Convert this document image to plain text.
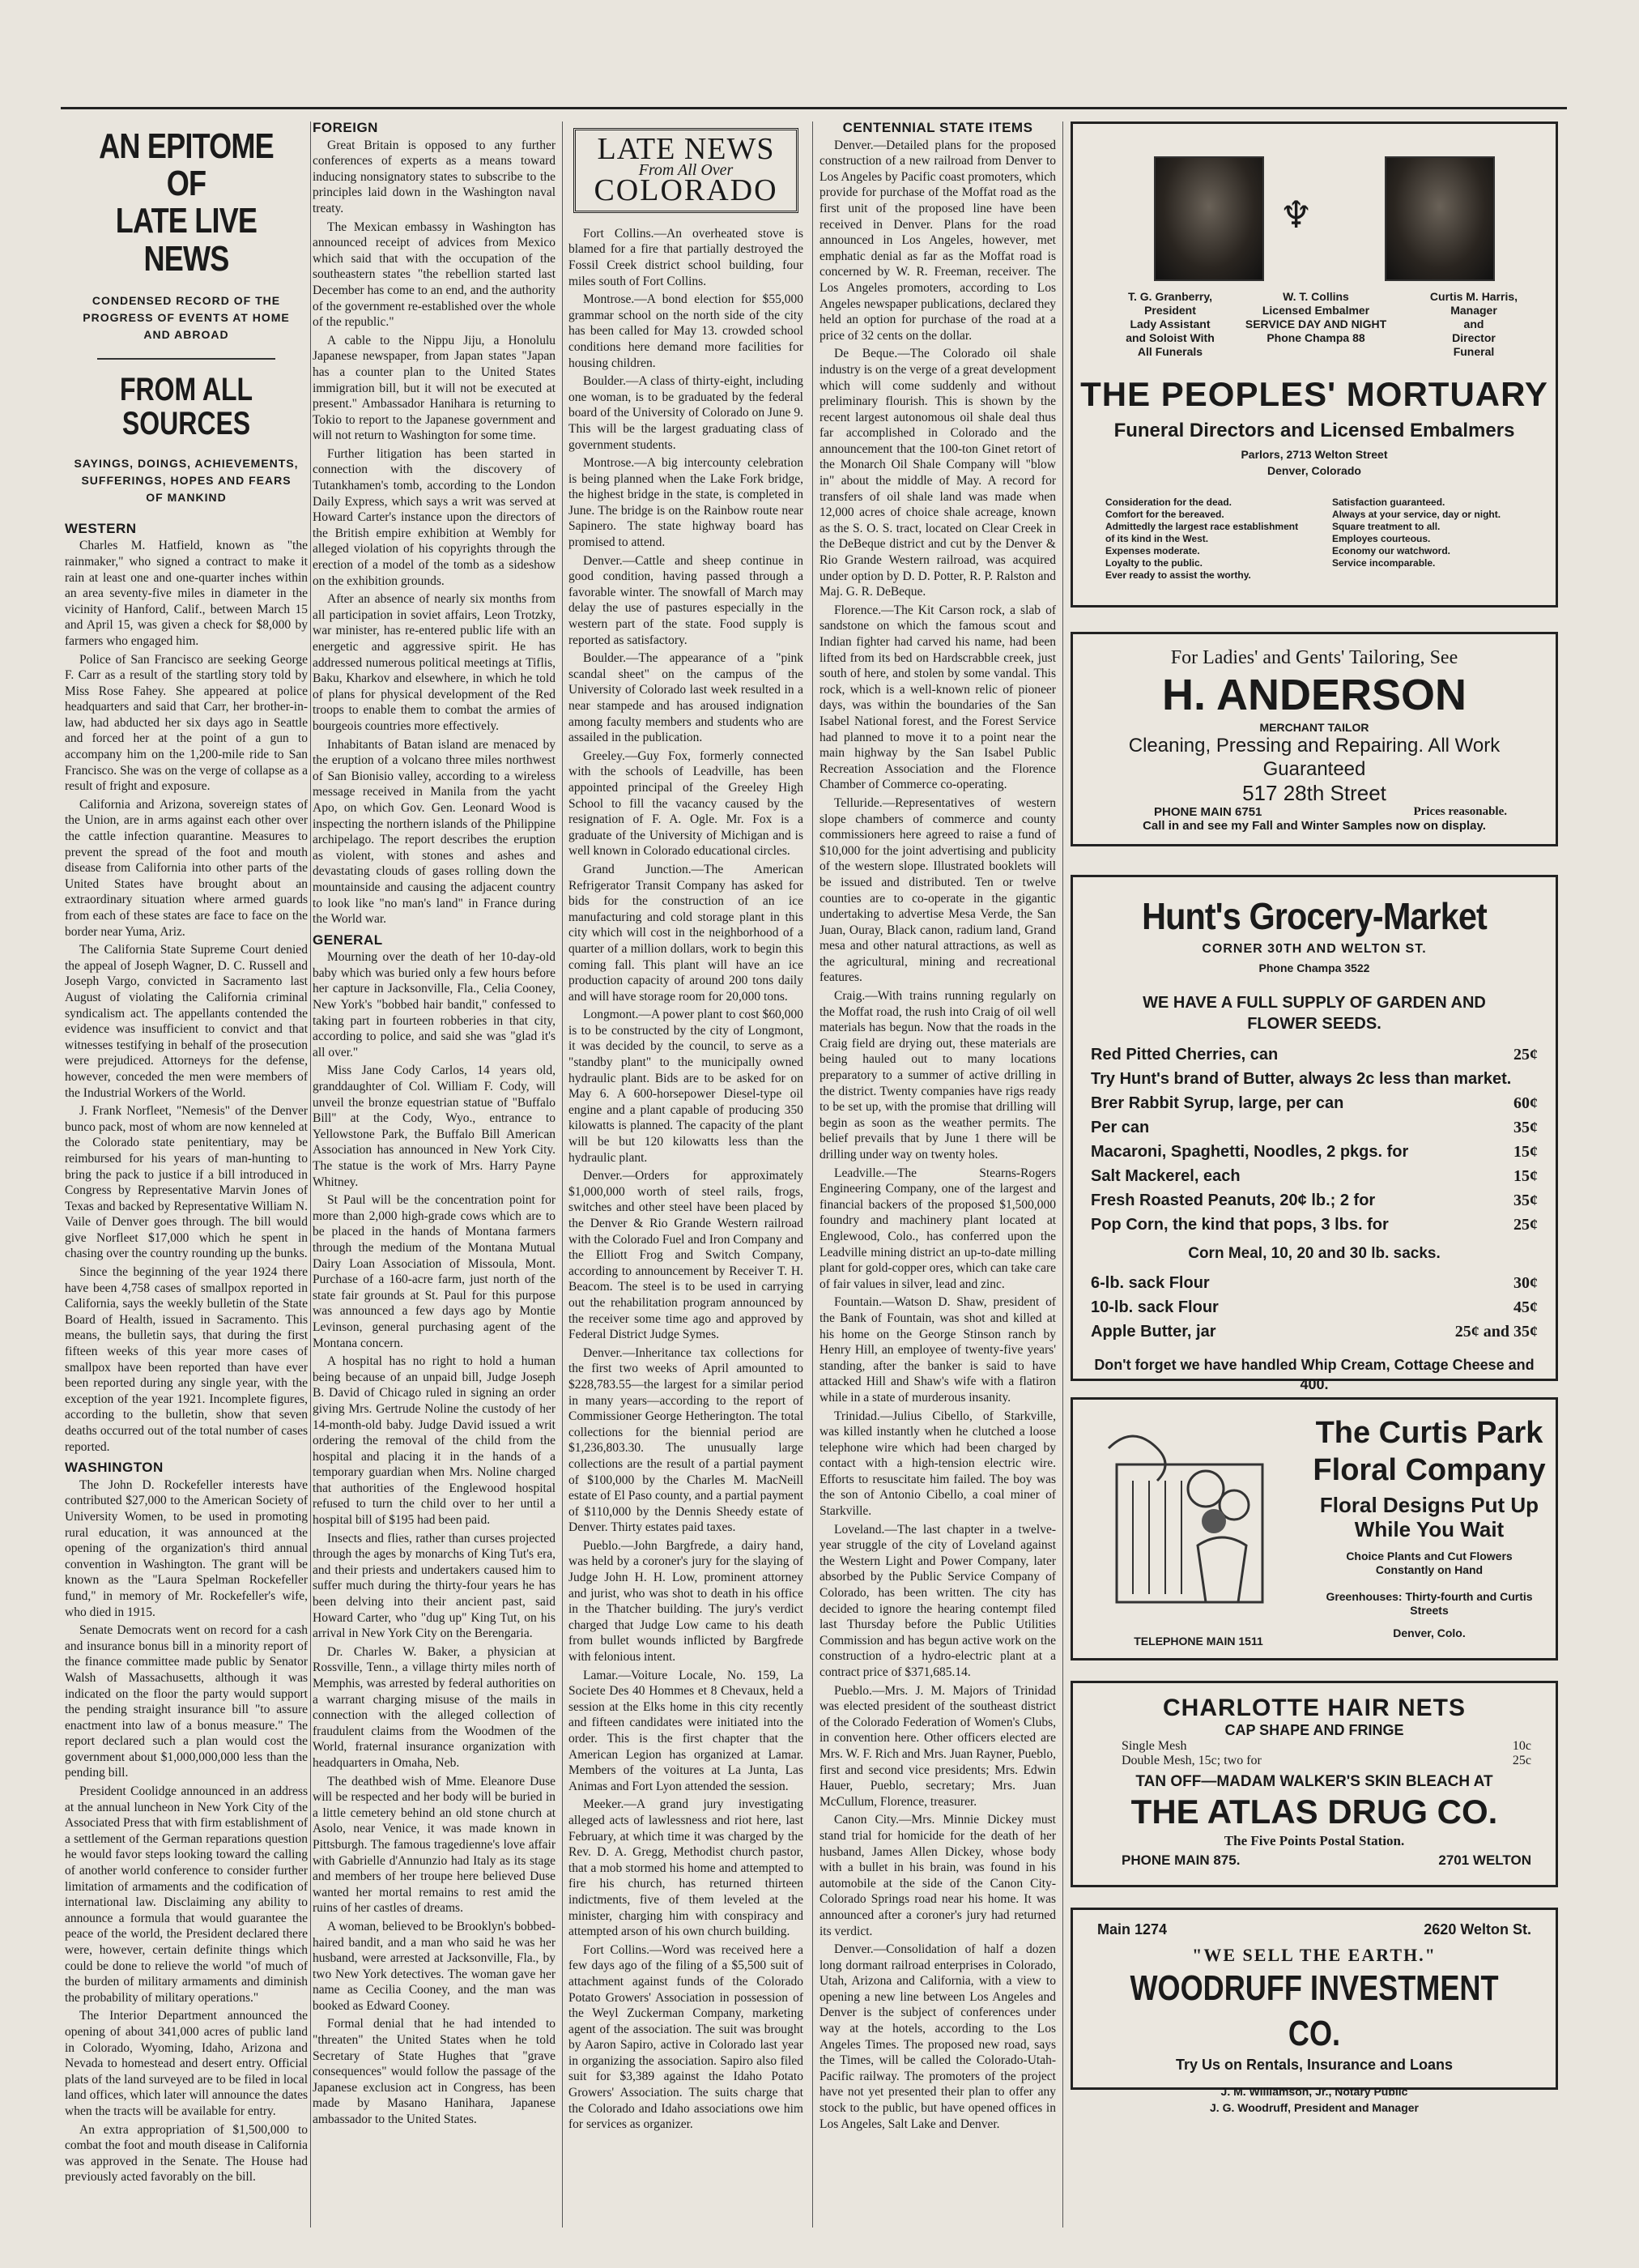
AN EPITOME OF
LATE LIVE NEWS
CONDENSED RECORD OF THE PROGRESS OF EVENTS AT HOME AND ABROAD
FROM ALL SOURCES
SAYINGS, DOINGS, ACHIEVEMENTS, SUFFERINGS, HOPES AND FEARS OF MANKIND
WESTERN

Charles M. Hatfield, known as "the rainmaker," who signed a contract to make it rain at least one and one-quarter inches within an area seventy-five miles in diameter in the vicinity of Hanford, Calif., between March 15 and April 15, was given a check for $8,000 by farmers who engaged him.

Police of San Francisco are seeking George F. Carr as a result of the startling story told by Miss Rose Fahey. She appeared at police headquarters and said that Carr, her brother-in-law, had abducted her six days ago in Seattle and forced her at the point of a gun to accompany him on the 1,200-mile ride to San Francisco. She was on the verge of collapse as a result of fright and exposure.

California and Arizona, sovereign states of the Union, are in arms against each other over the cattle infection quarantine. Measures to prevent the spread of the foot and mouth disease from California into other parts of the United States have brought about an extraordinary situation where armed guards from each of these states are face to face on the border near Yuma, Ariz.

The California State Supreme Court denied the appeal of Joseph Wagner, D. C. Russell and Joseph Vargo, convicted in Sacramento last August of violating the California criminal syndicalism act. The appellants contended the evidence was insufficient to convict and that witnesses testifying in behalf of the prosecution were prejudiced. Attorneys for the defense, however, conceded the men were members of the Industrial Workers of the World.

J. Frank Norfleet, "Nemesis" of the Denver bunco pack, most of whom are now kenneled at the Colorado state penitentiary, may be reimbursed for his years of man-hunting to bring the pack to justice if a bill introduced in Congress by Representative Marvin Jones of Texas and backed by Representative William N. Vaile of Denver goes through. The bill would give Norfleet $17,000 which he spent in chasing over the country rounding up the bunks.

Since the beginning of the year 1924 there have been 4,758 cases of smallpox reported in California, says the weekly bulletin of the State Board of Health, issued in Sacramento. This means, the bulletin says, that during the first fifteen weeks of this year more cases of smallpox have been reported than have ever been reported during any single year, with the exception of the year 1921. Incomplete figures, according to the bulletin, show that seven deaths occurred out of the total number of cases reported.

WASHINGTON

The John D. Rockefeller interests have contributed $27,000 to the American Society of University Women, to be used in promoting rural education, it was announced at the opening of the organization's third annual convention in Washington. The grant will be known as the "Laura Spelman Rockefeller fund," in memory of Mr. Rockefeller's wife, who died in 1915.

Senate Democrats went on record for a cash and insurance bonus bill in a minority report of the finance committee made public by Senator Walsh of Massachusetts, although it was indicated on the floor the party would support the pending straight insurance bill "to assure enactment into law of a bonus measure." The report declared such a plan would cost the government about $1,000,000,000 less than the pending bill.

President Coolidge announced in an address at the annual luncheon in New York City of the Associated Press that with firm establishment of a settlement of the German reparations question he would favor steps looking toward the calling of another world conference to consider further limitation of armaments and the codification of international law. Disclaiming any ability to announce a formula that would guarantee the peace of the world, the President declared there were, however, certain definite things which could be done to relieve the world "of much of the burden of military armaments and diminish the probability of military operations."

The Interior Department announced the opening of about 341,000 acres of public land in Colorado, Wyoming, Idaho, Arizona and Nevada to homestead and desert entry. Official plats of the land surveyed are to be filed in local land offices, which later will announce the dates when the tracts will be available for entry.

An extra appropriation of $1,500,000 to combat the foot and mouth disease in California was approved in the Senate. The House had previously acted favorably on the bill.

FOREIGN

Great Britain is opposed to any further conferences of experts as a means toward inducing nonsignatory states to subscribe to the principles laid down in the Washington naval treaty.

The Mexican embassy in Washington has announced receipt of advices from Mexico which said that with the occupation of the southeastern states "the rebellion started last December has come to an end, and the authority of the government re-established over the whole of the republic."

A cable to the Nippu Jiju, a Honolulu Japanese newspaper, from Japan states "Japan has a counter plan to the United States immigration bill, but it will not be executed at present." Ambassador Hanihara is returning to Tokio to report to the Japanese government and will not return to Washington for some time.

Further litigation has been started in connection with the discovery of Tutankhamen's tomb, according to the London Daily Express, which says a writ was served at Howard Carter's instance upon the directors of the British empire exhibition at Wembly for alleged violation of his copyrights through the erection of a model of the tomb as a sideshow on the exhibition grounds.

After an absence of nearly six months from all participation in soviet affairs, Leon Trotzky, war minister, has re-entered public life with an energetic and aggressive spirit. He has addressed numerous political meetings at Tiflis, Baku, Kharkov and elsewhere, in which he told of plans for physical development of the Red troops to enable them to combat the armies of bourgeois countries more effectively.

Inhabitants of Batan island are menaced by the eruption of a volcano three miles northwest of San Bionisio valley, according to a wireless message received in Manila from the yacht Apo, on which Gov. Gen. Leonard Wood is inspecting the northern islands of the Philippine archipelago. The report describes the eruption as violent, with stones and ashes and devastating clouds of gases rolling down the mountainside and causing the adjacent country to look like "no man's land" in France during the World war.

GENERAL

Mourning over the death of her 10-day-old baby which was buried only a few hours before her capture in Jacksonville, Fla., Celia Cooney, New York's "bobbed hair bandit," confessed to taking part in fourteen robberies in that city, according to police, and said she was "glad it's all over."

Miss Jane Cody Carlos, 14 years old, granddaughter of Col. William F. Cody, will unveil the bronze equestrian statue of "Buffalo Bill" at the Cody, Wyo., entrance to Yellowstone Park, the Buffalo Bill American Association has announced in New York City. The statue is the work of Mrs. Harry Payne Whitney.

St Paul will be the concentration point for more than 2,000 high-grade cows which are to be placed in the hands of Montana farmers through the medium of the Montana Mutual Dairy Loan Association of Missoula, Mont. Purchase of a 160-acre farm, just north of the state fair grounds at St. Paul for this purpose was announced a few days ago by Montie Levinson, general purchasing agent of the Montana concern.

A hospital has no right to hold a human being because of an unpaid bill, Judge Joseph B. David of Chicago ruled in signing an order giving Mrs. Gertrude Noline the custody of her 14-month-old baby. Judge David issued a writ ordering the removal of the child from the hospital and placing it in the hands of a temporary guardian when Mrs. Noline charged that authorities of the Englewood hospital refused to turn the child over to her until a hospital bill of $195 had been paid.

Insects and flies, rather than curses projected through the ages by monarchs of King Tut's era, and their priests and undertakers caused him to suffer much during the thirty-four years he has been delving into their ancient past, said Howard Carter, who "dug up" King Tut, on his arrival in New York City on the Berengaria.

Dr. Charles W. Baker, a physician at Rossville, Tenn., a village thirty miles north of Memphis, was arrested by federal authorities on a warrant charging misuse of the mails in connection with the alleged collection of fraudulent claims from the Woodmen of the World, fraternal insurance organization with headquarters in Omaha, Neb.

The deathbed wish of Mme. Eleanore Duse will be respected and her body will be buried in a little cemetery behind an old stone church at Asolo, near Venice, it was made known in Pittsburgh. The famous tragedienne's love affair with Gabrielle d'Annunzio had Italy as its stage and members of her troupe here believed Duse wanted her mortal remains to rest amid the ruins of her castles of dreams.

A woman, believed to be Brooklyn's bobbed-haired bandit, and a man who said he was her husband, were arrested at Jacksonville, Fla., by two New York detectives. The woman gave her name as Cecilia Cooney, and the man was booked as Edward Cooney.

Formal denial that he had intended to "threaten" the United States when he told Secretary of State Hughes that "grave consequences" would follow the passage of the Japanese exclusion act in Congress, has been made by Masano Hanihara, Japanese ambassador to the United States.

LATE NEWS
From All Over
COLORADO

Fort Collins.—An overheated stove is blamed for a fire that partially destroyed the Fossil Creek district school building, four miles south of Fort Collins.

Montrose.—A bond election for $55,000 grammar school on the north side of the city has been called for May 13. crowded school conditions here demand more facilities for housing children.

Boulder.—A class of thirty-eight, including one woman, is to be graduated by the federal board of the University of Colorado on June 9. This will be the largest graduating class of government students.

Montrose.—A big intercounty celebration is being planned when the Lake Fork bridge, the highest bridge in the state, is completed in June. The bridge is on the Rainbow route near Sapinero. The state highway board has promised to attend.

Denver.—Cattle and sheep continue in good condition, having passed through a favorable winter. The snowfall of March may delay the use of pastures especially in the western part of the state. Food supply is reported as satisfactory.

Boulder.—The appearance of a "pink scandal sheet" on the campus of the University of Colorado last week resulted in a near stampede and has aroused indignation among faculty members and students who are assailed in the publication.

Greeley.—Guy Fox, formerly connected with the schools of Leadville, has been appointed principal of the Greeley High School to fill the vacancy caused by the resignation of F. A. Ogle. Mr. Fox is a graduate of the University of Michigan and is well known in Colorado educational circles.

Grand Junction.—The American Refrigerator Transit Company has asked for bids for the construction of an ice manufacturing and cold storage plant in this city which will cost in the neighborhood of a quarter of a million dollars, work to begin this coming fall. This plant will have an ice production capacity of around 200 tons daily and will have storage room for 20,000 tons.

Longmont.—A power plant to cost $60,000 is to be constructed by the city of Longmont, it was decided by the council, to serve as a "standby plant" to the municipally owned hydraulic plant. Bids are to be asked for on May 6. A 600-horsepower Diesel-type oil engine and a plant capable of producing 350 kilowatts is planned. The capacity of the plant will be but 120 kilowatts less than the hydraulic plant.

Denver.—Orders for approximately $1,000,000 worth of steel rails, frogs, switches and other steel have been placed by the Denver & Rio Grande Western railroad with the Colorado Fuel and Iron Company and the Elliott Frog and Switch Company, according to announcement by Receiver T. H. Beacom. The steel is to be used in carrying out the rehabilitation program announced by the receiver some time ago and approved by Federal District Judge Symes.

Denver.—Inheritance tax collections for the first two weeks of April amounted to $228,783.55—the largest for a similar period in many years—according to the report of Commissioner George Hetherington. The total collections for the biennial period are $1,236,803.30. The unusually large collections are the result of a partial payment of $100,000 by the Charles M. MacNeill estate of El Paso county, and a partial payment of $110,000 by the Dennis Sheedy estate of Denver. Thirty estates paid taxes.

Pueblo.—John Bargfrede, a dairy hand, was held by a coroner's jury for the slaying of Judge John H. H. Low, prominent attorney and jurist, who was shot to death in his office in the Thatcher building. The jury's verdict charged that Judge Low came to his death from bullet wounds inflicted by Bargfrede with felonious intent.

Lamar.—Voiture Locale, No. 159, La Societe Des 40 Hommes et 8 Chevaux, held a session at the Elks home in this city recently and fifteen candidates were initiated into the order. This is the first chapter that the American Legion has organized at Lamar. Members of the voitures at La Junta, Las Animas and Fort Lyon attended the session.

Meeker.—A grand jury investigating alleged acts of lawlessness and riot here, last February, at which time it was charged by the Rev. D. A. Gregg, Methodist church pastor, that a mob stormed his home and attempted to fire his church, has returned thirteen indictments, five of them leveled at the minister, charging him with conspiracy and attempted arson of his own church building.

Fort Collins.—Word was received here a few days ago of the filing of a $5,500 suit of attachment against funds of the Colorado Potato Growers' Association in possession of the Weyl Zuckerman Company, marketing agent of the association. The suit was brought by Aaron Sapiro, active in Colorado last year in organizing the association. Sapiro also filed suit for $3,389 against the Idaho Potato Growers' Association. The suits charge that the Colorado and Idaho associations owe him for services as organizer.

CENTENNIAL STATE ITEMS

Denver.—Detailed plans for the proposed construction of a new railroad from Denver to Los Angeles by Pacific coast promoters, which provide for purchase of the Moffat road as the first unit of the proposed line have been received in Denver. Plans for the road announced in Los Angeles, however, met emphatic denial as far as the Moffat road is concerned by W. R. Freeman, receiver. The Los Angeles promoters, according to Los Angeles newspaper publications, declared they held an option for purchase of the road at a price of 32 cents on the dollar.

De Beque.—The Colorado oil shale industry is on the verge of a great development which will come suddenly and without preliminary flourish. This is shown by the recent largest autonomous oil shale deal thus far accomplished in Colorado and the announcement that the 100-ton Ginet retort of the Monarch Oil Shale Company will "blow in" about the middle of May. A record for transfers of oil shale land was made when 12,000 acres of choice shale acreage, known as the S. O. S. tract, located on Clear Creek in the DeBeque district and cut by the Denver & Rio Grande Western railroad, was acquired under option by D. D. Potter, R. P. Ralston and Maj. G. R. DeBeque.

Florence.—The Kit Carson rock, a slab of sandstone on which the famous scout and Indian fighter had carved his name, had been lifted from its bed on Hardscrabble creek, just south of here, and stolen by some vandal. This rock, which is a well-known relic of pioneer days, was within the boundaries of the San Isabel National forest, and the Forest Service had planned to move it to a point near the main highway by the San Isabel Public Recreation Association and the Florence Chamber of Commerce co-operating.

Telluride.—Representatives of western slope chambers of commerce and county commissioners here agreed to raise a fund of $10,000 for the joint advertising and publicity of the western slope. Illustrated booklets will be issued and distributed. Ten or twelve counties are to co-operate in the gigantic undertaking to advertise Mesa Verde, the San Juan, Ouray, Black canon, radium land, Grand mesa and other natural attractions, as well as the agricultural, mining and recreational features.

Craig.—With trains running regularly on the Moffat road, the rush into Craig of oil well materials has begun. Now that the roads in the Craig field are drying out, these materials are being hauled out to many locations preparatory to a summer of active drilling in the district. Twenty companies have rigs ready to be set up, with the promise that drilling will begin as soon as the weather permits. The belief prevails that by June 1 there will be drilling under way on twenty holes.

Leadville.—The Stearns-Rogers Engineering Company, one of the largest and financial backers of the proposed $1,500,000 foundry and machinery plant located at Englewood, Colo., has conferred upon the Leadville mining district an up-to-date milling plant for gold-copper ores, which can take care of fair values in silver, lead and zinc.

Fountain.—Watson D. Shaw, president of the Bank of Fountain, was shot and killed at his home on the George Stinson ranch by Henry Hill, an employee of twenty-five years' standing, after the banker is said to have attacked Hill and Shaw's wife with a flatiron while in a state of murderous insanity.

Trinidad.—Julius Cibello, of Starkville, was killed instantly when he clutched a loose telephone wire which had been charged by contact with a high-tension electric wire. Efforts to resuscitate him failed. The boy was the son of Antonio Cibello, a coal miner of Starkville.

Loveland.—The last chapter in a twelve-year struggle of the city of Loveland against the Western Light and Power Company, later absorbed by the Public Service Company of Colorado, has been written. The city has decided to ignore the hearing contempt filed last Thursday before the Public Utilities Commission and has begun active work on the construction of a hydro-electric plant at a contract price of $371,685.14.

Pueblo.—Mrs. J. M. Majors of Trinidad was elected president of the southeast district of the Colorado Federation of Women's Clubs, in convention here. Other officers elected are Mrs. W. F. Rich and Mrs. Juan Rayner, Pueblo, first and second vice presidents; Mrs. Edwin Hauer, Pueblo, secretary; Mrs. Juan McCullum, Florence, treasurer.

Canon City.—Mrs. Minnie Dickey must stand trial for homicide for the death of her husband, James Allen Dickey, whose body with a bullet in his brain, was found in his automobile at the side of the Canon City-Colorado Springs road near his home. It was announced after a coroner's jury had returned its verdict.

Denver.—Consolidation of half a dozen long dormant railroad enterprises in Colorado, Utah, Arizona and California, with a view to opening a new line between Los Angeles and Denver is the subject of conferences under way at the hotels, according to the Los Angeles Times. The proposed new road, says the Times, will be called the Colorado-Utah-Pacific railway. The promoters of the project have not yet presented their plan to offer any stock to the public, but have opened offices in Los Angeles, Salt Lake and Denver.

♆
T. G. Granberry,
President
Lady Assistant
and Soloist With
All Funerals
W. T. Collins
Licensed Embalmer
SERVICE DAY AND NIGHT
Phone Champa 88
Curtis M. Harris,
Manager
and
Director
Funeral
THE PEOPLES' MORTUARY
Funeral Directors and Licensed Embalmers
Parlors, 2713 Welton Street
Denver, Colorado
Consideration for the dead.
Comfort for the bereaved.
Admittedly the largest race establishment of its kind in the West.
Expenses moderate.
Loyalty to the public.
Ever ready to assist the worthy.
Satisfaction guaranteed.
Always at your service, day or night.
Square treatment to all.
Employes courteous.
Economy our watchword.
Service incomparable.
For Ladies' and Gents' Tailoring, See
H. ANDERSON
MERCHANT TAILOR
Cleaning, Pressing and Repairing. All Work
Guaranteed
517 28th Street
PHONE MAIN 6751	Prices reasonable.
Call in and see my Fall and Winter Samples now on display.
Hunt's Grocery-Market
CORNER 30TH AND WELTON ST.
Phone Champa 3522
WE HAVE A FULL SUPPLY OF GARDEN AND FLOWER SEEDS.
Red Pitted Cherries, can	25¢
Try Hunt's brand of Butter, always 2c less than market.
Brer Rabbit Syrup, large, per can	60¢
Per can	35¢
Macaroni, Spaghetti, Noodles, 2 pkgs. for	15¢
Salt Mackerel, each	15¢
Fresh Roasted Peanuts, 20¢ lb.; 2 for	35¢
Pop Corn, the kind that pops, 3 lbs. for	25¢
Corn Meal, 10, 20 and 30 lb. sacks.
6-lb. sack Flour	30¢
10-lb. sack Flour	45¢
Apple Butter, jar	25¢ and 35¢
Don't forget we have handled Whip Cream, Cottage Cheese and 400.
The Curtis Park
Floral Company
Floral Designs Put Up
While You Wait
Choice Plants and Cut Flowers
Constantly on Hand
Greenhouses: Thirty-fourth and Curtis Streets
Denver, Colo.
TELEPHONE MAIN 1511
CHARLOTTE HAIR NETS
CAP SHAPE AND FRINGE
Single Mesh	10c
Double Mesh, 15c; two for	25c
TAN OFF—MADAM WALKER'S SKIN BLEACH AT
THE ATLAS DRUG CO.
The Five Points Postal Station.
PHONE MAIN 875.	2701 WELTON
Main 1274	2620 Welton St.
"WE SELL THE EARTH."
WOODRUFF INVESTMENT CO.
Try Us on Rentals, Insurance and Loans
J. M. Williamson, Jr., Notary Public
J. G. Woodruff, President and Manager
